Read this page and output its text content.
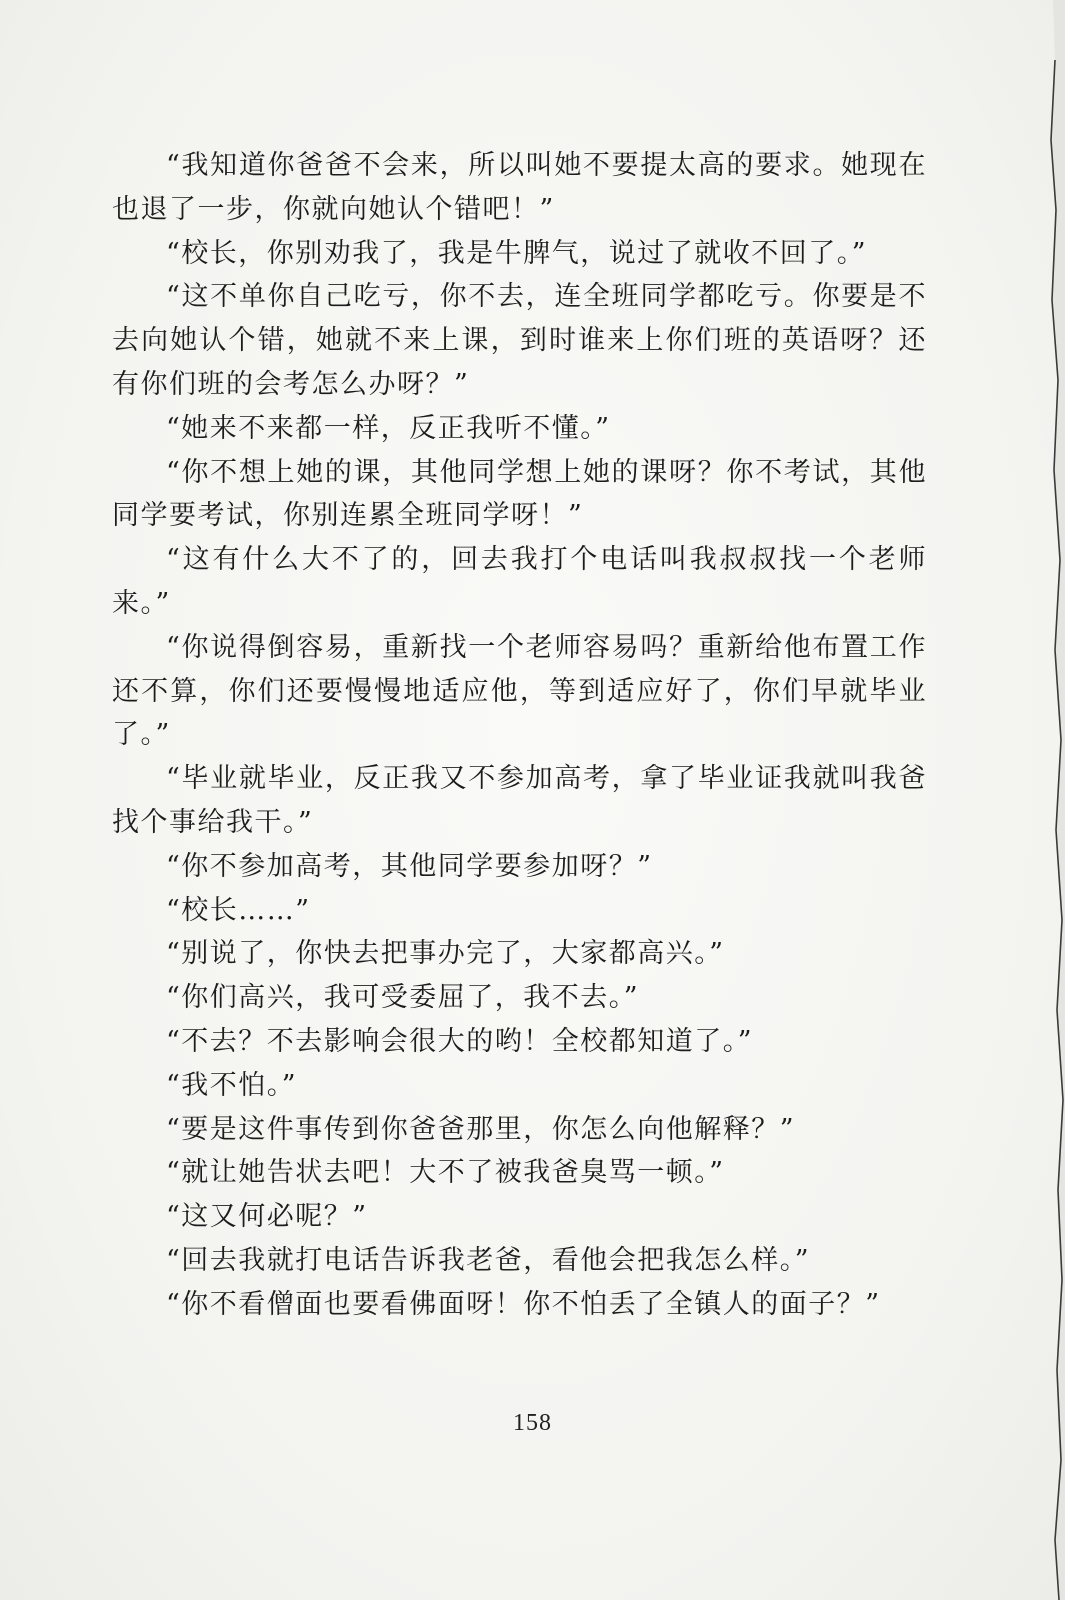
“我知道你爸爸不会来，所以叫她不要提太高的要求。她现在也退了一步，你就向她认个错吧！”

“校长，你别劝我了，我是牛脾气，说过了就收不回了。”

“这不单你自己吃亏，你不去，连全班同学都吃亏。你要是不去向她认个错，她就不来上课，到时谁来上你们班的英语呀？还有你们班的会考怎么办呀？”

“她来不来都一样，反正我听不懂。”

“你不想上她的课，其他同学想上她的课呀？你不考试，其他同学要考试，你别连累全班同学呀！”

“这有什么大不了的，回去我打个电话叫我叔叔找一个老师来。”

“你说得倒容易，重新找一个老师容易吗？重新给他布置工作还不算，你们还要慢慢地适应他，等到适应好了，你们早就毕业了。”

“毕业就毕业，反正我又不参加高考，拿了毕业证我就叫我爸找个事给我干。”

“你不参加高考，其他同学要参加呀？”

“校长……”

“别说了，你快去把事办完了，大家都高兴。”

“你们高兴，我可受委屈了，我不去。”

“不去？不去影响会很大的哟！全校都知道了。”

“我不怕。”

“要是这件事传到你爸爸那里，你怎么向他解释？”

“就让她告状去吧！大不了被我爸臭骂一顿。”

“这又何必呢？”

“回去我就打电话告诉我老爸，看他会把我怎么样。”

“你不看僧面也要看佛面呀！你不怕丢了全镇人的面子？”

158
